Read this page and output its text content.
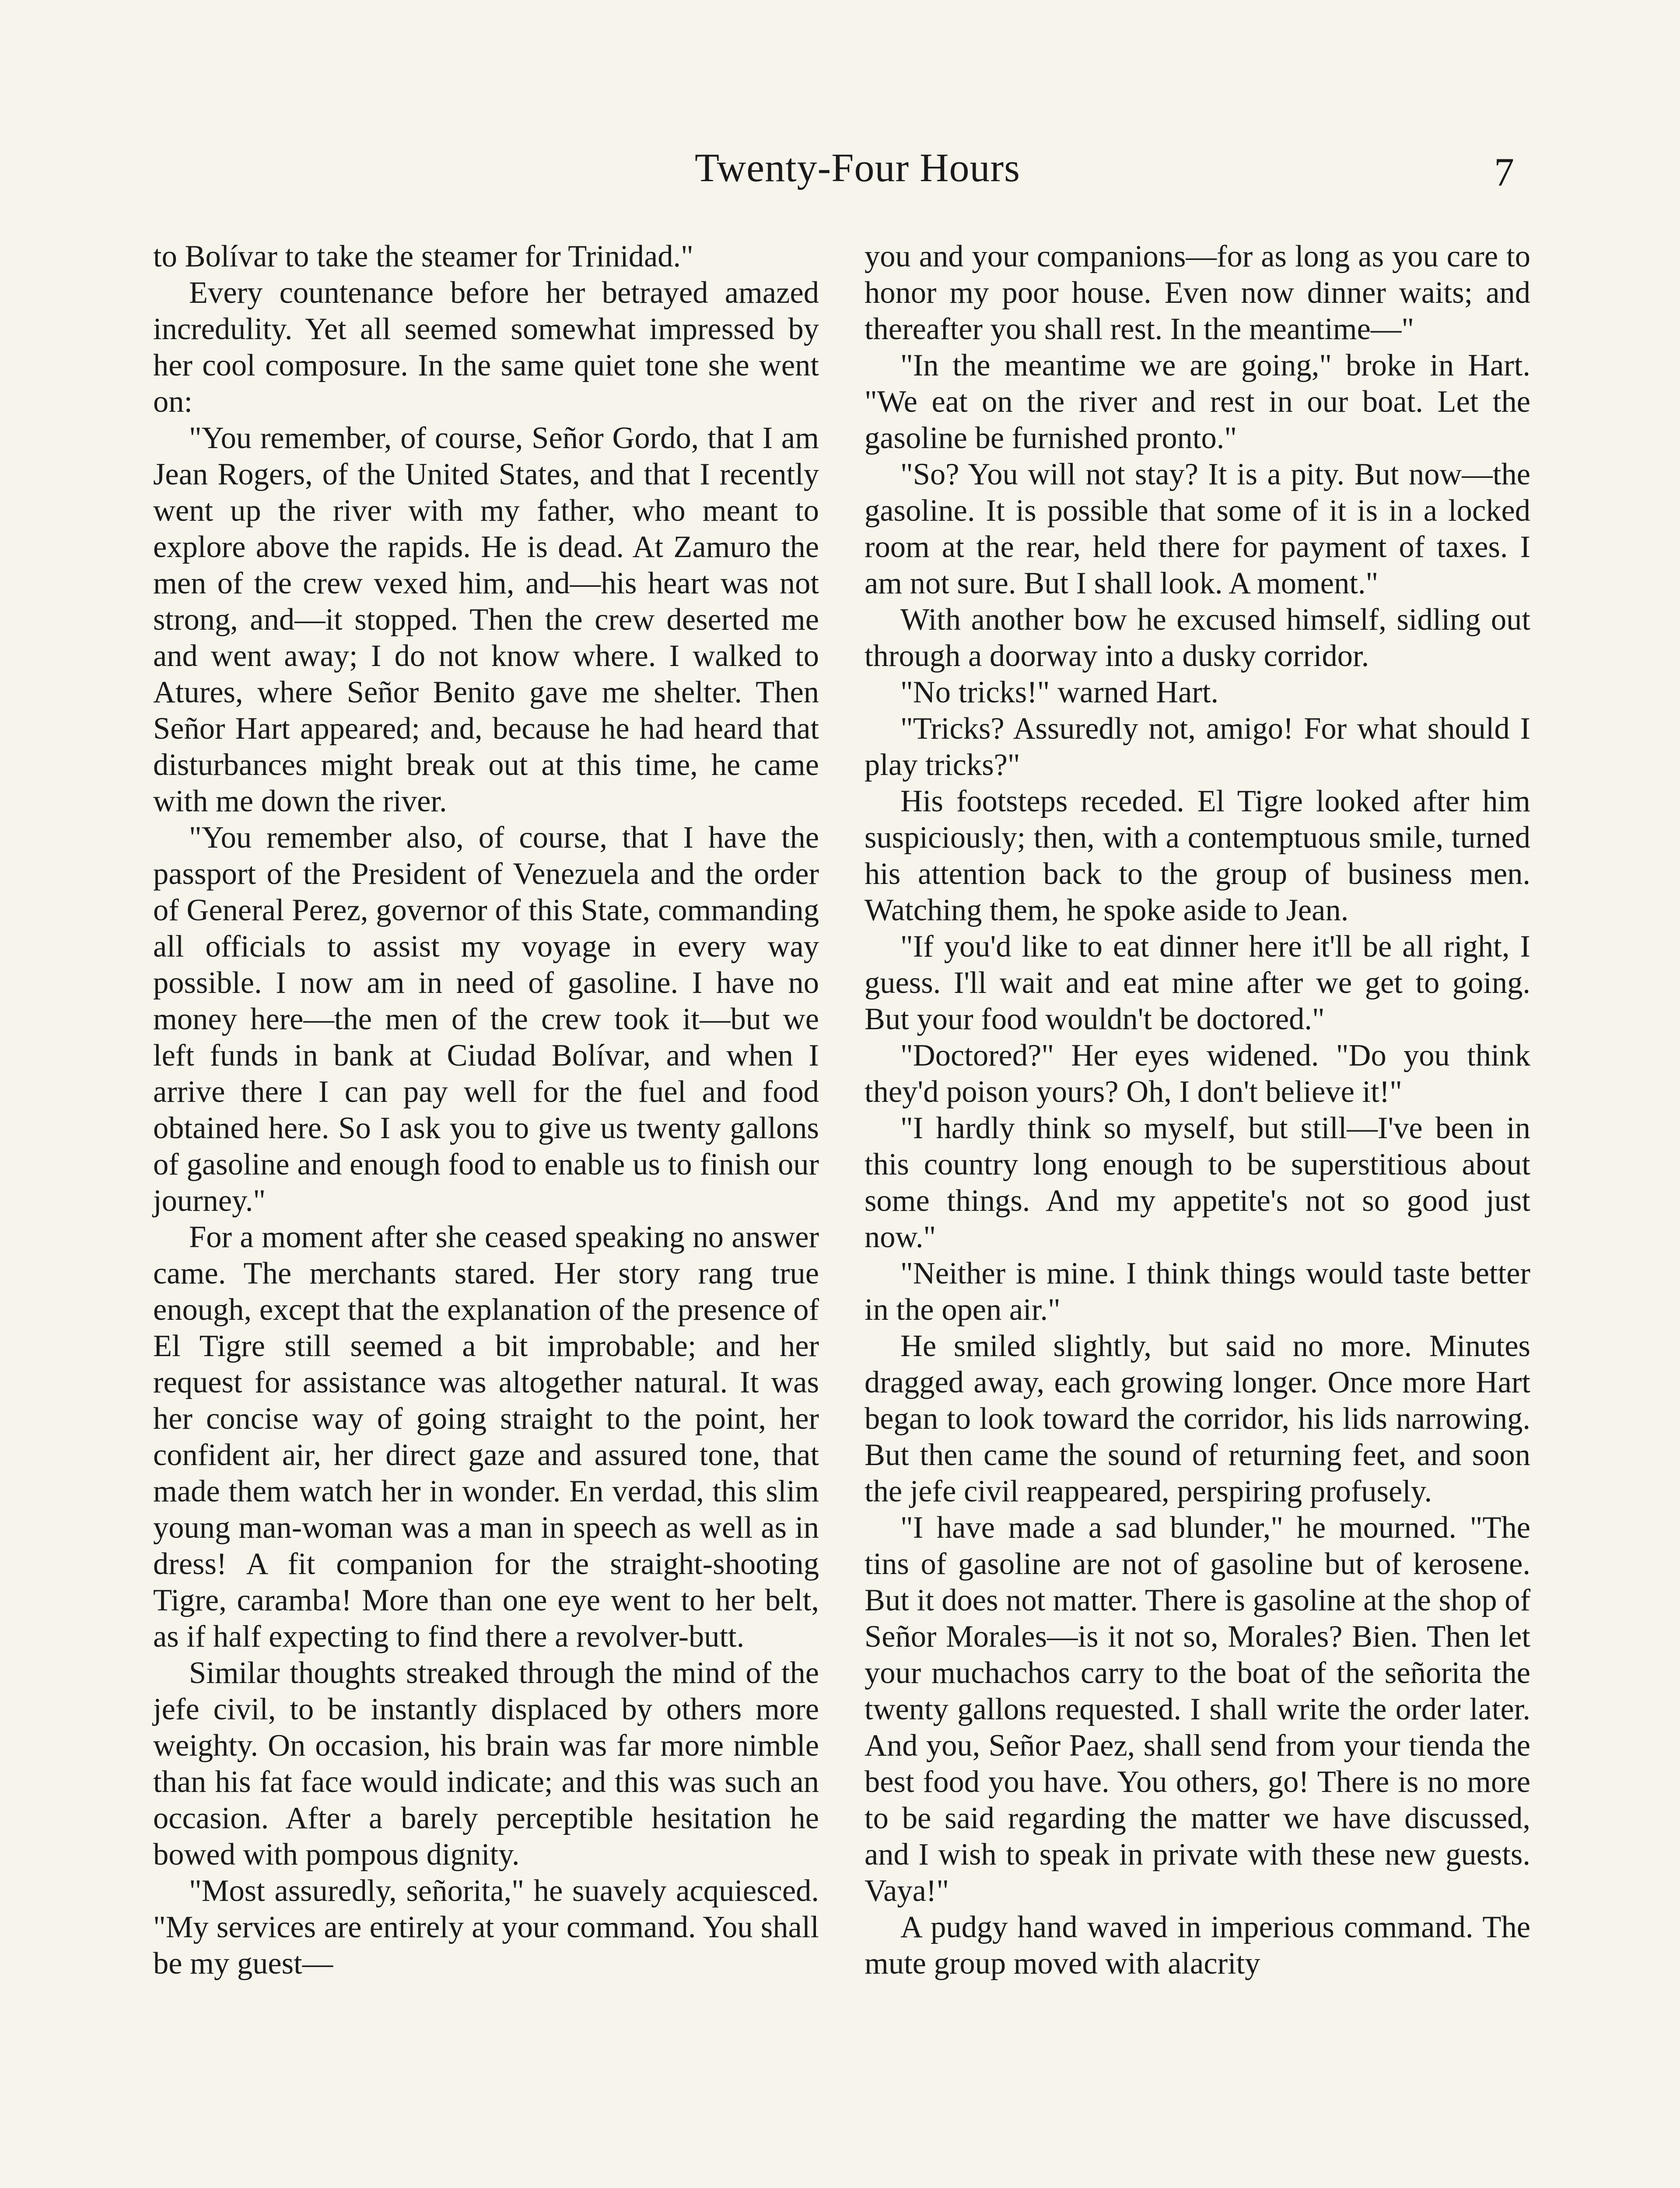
Twenty-Four Hours	7

to Bolívar to take the steamer for Trinidad."

Every countenance before her betrayed amazed incredulity. Yet all seemed somewhat impressed by her cool composure. In the same quiet tone she went on:

"You remember, of course, Señor Gordo, that I am Jean Rogers, of the United States, and that I recently went up the river with my father, who meant to explore above the rapids. He is dead. At Zamuro the men of the crew vexed him, and—his heart was not strong, and—it stopped. Then the crew deserted me and went away; I do not know where. I walked to Atures, where Señor Benito gave me shelter. Then Señor Hart appeared; and, because he had heard that disturbances might break out at this time, he came with me down the river.

"You remember also, of course, that I have the passport of the President of Venezuela and the order of General Perez, governor of this State, commanding all officials to assist my voyage in every way possible. I now am in need of gasoline. I have no money here—the men of the crew took it—but we left funds in bank at Ciudad Bolívar, and when I arrive there I can pay well for the fuel and food obtained here. So I ask you to give us twenty gallons of gasoline and enough food to enable us to finish our journey."

For a moment after she ceased speaking no answer came. The merchants stared. Her story rang true enough, except that the explanation of the presence of El Tigre still seemed a bit improbable; and her request for assistance was altogether natural. It was her concise way of going straight to the point, her confident air, her direct gaze and assured tone, that made them watch her in wonder. En verdad, this slim young man-woman was a man in speech as well as in dress! A fit companion for the straight-shooting Tigre, caramba! More than one eye went to her belt, as if half expecting to find there a revolver-butt.

Similar thoughts streaked through the mind of the jefe civil, to be instantly displaced by others more weighty. On occasion, his brain was far more nimble than his fat face would indicate; and this was such an occasion. After a barely perceptible hesitation he bowed with pompous dignity.

"Most assuredly, señorita," he suavely acquiesced. "My services are entirely at your command. You shall be my guest—

you and your companions—for as long as you care to honor my poor house. Even now dinner waits; and thereafter you shall rest. In the meantime—"

"In the meantime we are going," broke in Hart. "We eat on the river and rest in our boat. Let the gasoline be furnished pronto."

"So? You will not stay? It is a pity. But now—the gasoline. It is possible that some of it is in a locked room at the rear, held there for payment of taxes. I am not sure. But I shall look. A moment."

With another bow he excused himself, sidling out through a doorway into a dusky corridor.

"No tricks!" warned Hart.

"Tricks? Assuredly not, amigo! For what should I play tricks?"

His footsteps receded. El Tigre looked after him suspiciously; then, with a contemptuous smile, turned his attention back to the group of business men. Watching them, he spoke aside to Jean.

"If you'd like to eat dinner here it'll be all right, I guess. I'll wait and eat mine after we get to going. But your food wouldn't be doctored."

"Doctored?" Her eyes widened. "Do you think they'd poison yours? Oh, I don't believe it!"

"I hardly think so myself, but still—I've been in this country long enough to be superstitious about some things. And my appetite's not so good just now."

"Neither is mine. I think things would taste better in the open air."

He smiled slightly, but said no more. Minutes dragged away, each growing longer. Once more Hart began to look toward the corridor, his lids narrowing. But then came the sound of returning feet, and soon the jefe civil reappeared, perspiring profusely.

"I have made a sad blunder," he mourned. "The tins of gasoline are not of gasoline but of kerosene. But it does not matter. There is gasoline at the shop of Señor Morales—is it not so, Morales? Bien. Then let your muchachos carry to the boat of the señorita the twenty gallons requested. I shall write the order later. And you, Señor Paez, shall send from your tienda the best food you have. You others, go! There is no more to be said regarding the matter we have discussed, and I wish to speak in private with these new guests. Vaya!"

A pudgy hand waved in imperious command. The mute group moved with alacrity
